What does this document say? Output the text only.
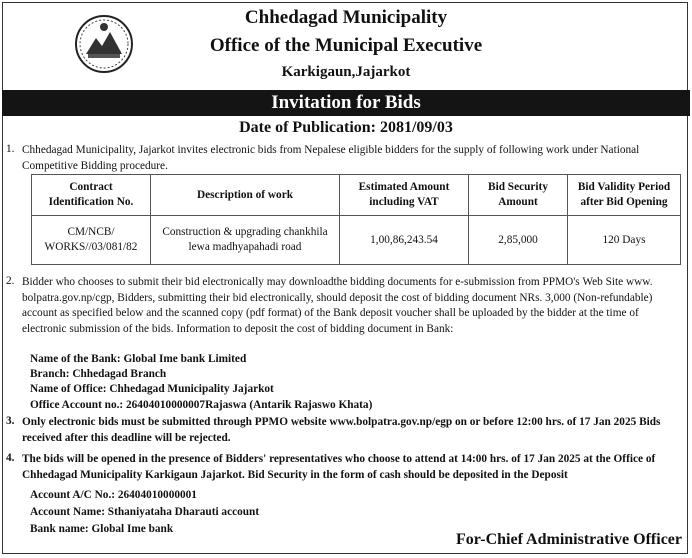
Chhedagad Municipality
Office of the Municipal Executive
Karkigaun,Jajarkot
Invitation for Bids
Date of Publication: 2081/09/03
1. Chhedagad Municipality, Jajarkot invites electronic bids from Nepalese eligible bidders for the supply of following work under National Competitive Bidding procedure.
Contract Identification No.	Description of work	Estimated Amount including VAT	Bid Security Amount	Bid Validity Period after Bid Opening
CM/NCB/ WORKS//03/081/82	Construction & upgrading chankhila lewa madhyapahadi road	1,00,86,243.54	2,85,000	120 Days
2. Bidder who chooses to submit their bid electronically may downloadthe bidding documents for e-submission from PPMO's Web Site www. bolpatra.gov.np/cgp, Bidders, submitting their bid electronically, should deposit the cost of bidding document NRs. 3,000 (Non-refundable) account as specified below and the scanned copy (pdf format) of the Bank deposit voucher shall be uploaded by the bidder at the time of electronic submission of the bids. Information to deposit the cost of bidding document in Bank:
Name of the Bank: Global Ime bank Limited
Branch: Chhedagad Branch
Name of Office: Chhedagad Municipality Jajarkot
Office Account no.: 26404010000007Rajaswa (Antarik Rajaswo Khata)
3. Only electronic bids must be submitted through PPMO website www.bolpatra.gov.np/egp on or before 12:00 hrs. of 17 Jan 2025 Bids received after this deadline will be rejected.
4. The bids will be opened in the presence of Bidders' representatives who choose to attend at 14:00 hrs. of 17 Jan 2025 at the Office of Chhedagad Municipality Karkigaun Jajarkot. Bid Security in the form of cash should be deposited in the Deposit
Account A/C No.: 26404010000001
Account Name: Sthaniyataha Dharauti account
Bank name: Global Ime bank
For-Chief Administrative Officer
